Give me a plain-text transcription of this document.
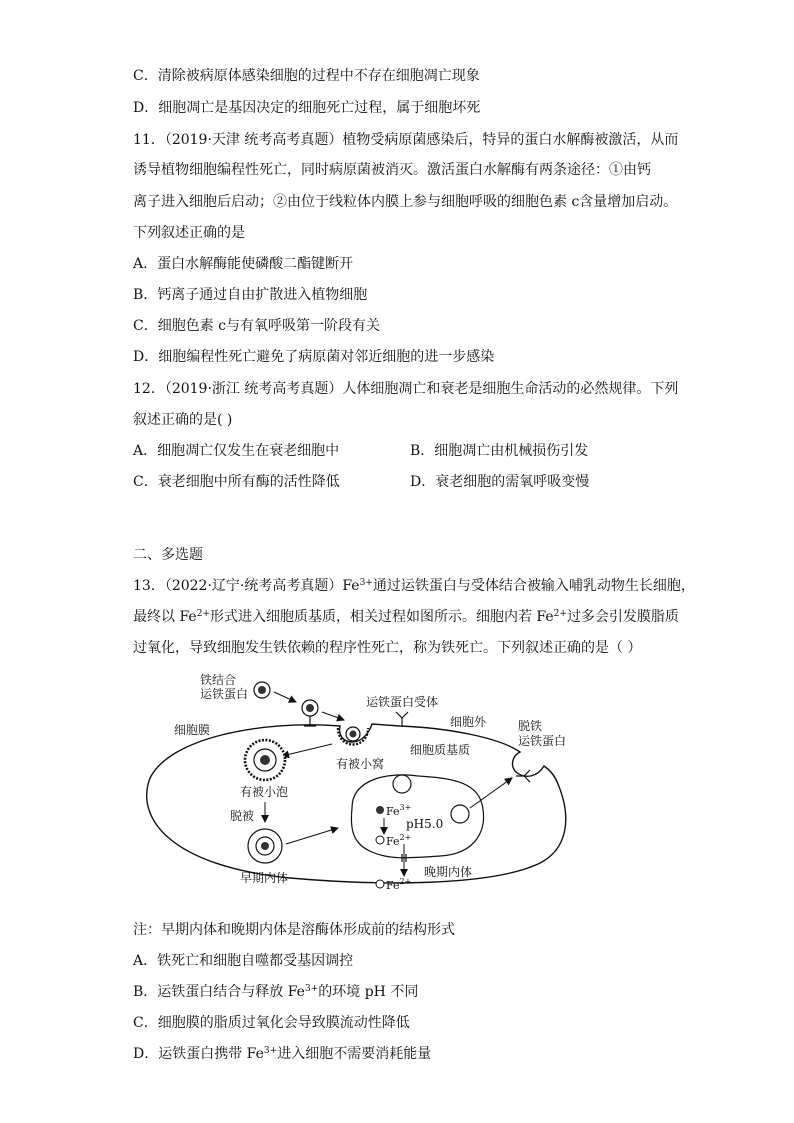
C．清除被病原体感染细胞的过程中不存在细胞凋亡现象
D．细胞凋亡是基因决定的细胞死亡过程，属于细胞坏死
11．（2019·天津 统考高考真题）植物受病原菌感染后，特异的蛋白水解酶被激活，从而
诱导植物细胞编程性死亡，同时病原菌被消灭。激活蛋白水解酶有两条途径：①由钙
离子进入细胞后启动；②由位于线粒体内膜上参与细胞呼吸的细胞色素 c含量增加启动。
下列叙述正确的是
A．蛋白水解酶能使磷酸二酯键断开
B．钙离子通过自由扩散进入植物细胞
C．细胞色素 c与有氧呼吸第一阶段有关
D．细胞编程性死亡避免了病原菌对邻近细胞的进一步感染
12．（2019·浙江 统考高考真题）人体细胞凋亡和衰老是细胞生命活动的必然规律。下列
叙述正确的是( )
A．细胞凋亡仅发生在衰老细胞中	B．细胞凋亡由机械损伤引发
C．衰老细胞中所有酶的活性降低	D．衰老细胞的需氧呼吸变慢
二、多选题
13．（2022·辽宁·统考高考真题）$Fe^{3+}$通过运铁蛋白与受体结合被输入哺乳动物生长细胞，
最终以 $Fe^{2+}$形式进入细胞质基质，相关过程如图所示。细胞内若 $Fe^{2+}$过多会引发膜脂质
过氧化，导致细胞发生铁依赖的程序性死亡，称为铁死亡。下列叙述正确的是（ ）
铁结合
运铁蛋白
细胞膜
运铁蛋白受体
细胞外	脱铁
运铁蛋白
有被小窝
有被小泡
脱被
早期内体
细胞质基质
$Fe^{3+}$
pH5.0
$Fe^{2+}$
$Fe^{2+}$
晚期内体
注：早期内体和晚期内体是溶酶体形成前的结构形式
A．铁死亡和细胞自噬都受基因调控
B．运铁蛋白结合与释放 $Fe^{3+}$的环境 pH 不同
C．细胞膜的脂质过氧化会导致膜流动性降低
D．运铁蛋白携带 $Fe^{3+}$进入细胞不需要消耗能量
